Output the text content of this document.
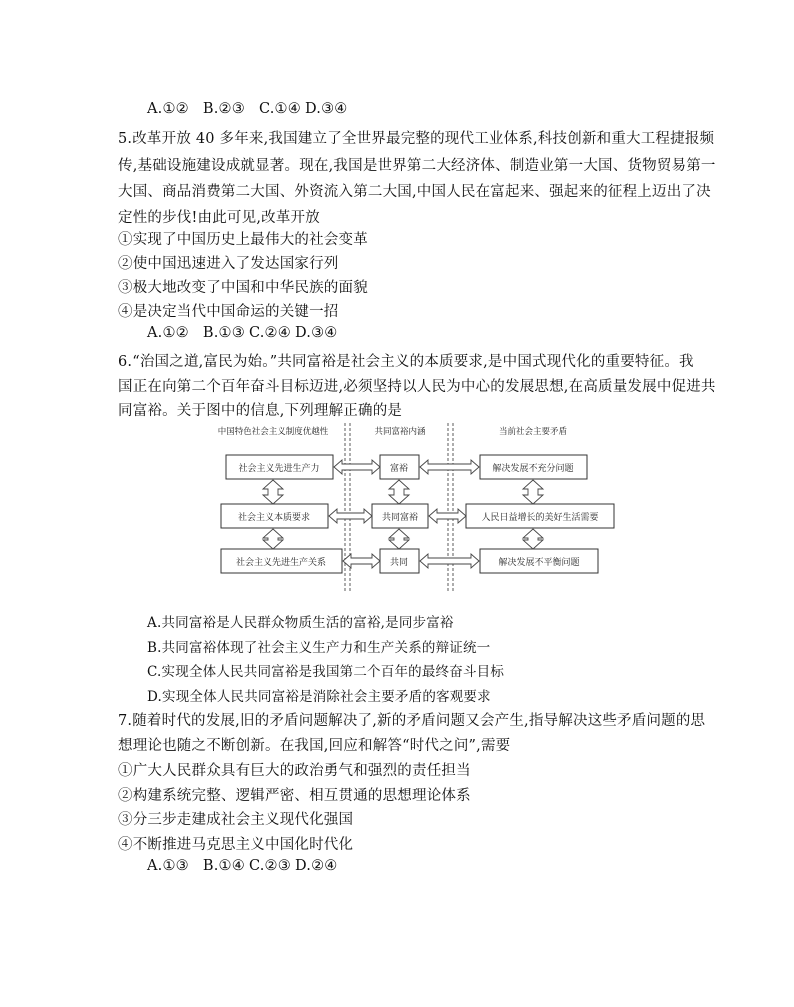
A.①② B.②③ C.①④ D.③④
5.改革开放 40 多年来,我国建立了全世界最完整的现代工业体系,科技创新和重大工程捷报频
传,基础设施建设成就显著。现在,我国是世界第二大经济体、制造业第一大国、货物贸易第一
大国、商品消费第二大国、外资流入第二大国,中国人民在富起来、强起来的征程上迈出了决
定性的步伐!由此可见,改革开放
①实现了中国历史上最伟大的社会变革
②使中国迅速进入了发达国家行列
③极大地改变了中国和中华民族的面貌
④是决定当代中国命运的关键一招
A.①② B.①③ C.②④ D.③④
6.“治国之道,富民为始。”共同富裕是社会主义的本质要求,是中国式现代化的重要特征。我
国正在向第二个百年奋斗目标迈进,必须坚持以人民为中心的发展思想,在高质量发展中促进共
同富裕。关于图中的信息,下列理解正确的是
中国特色社会主义制度优越性	共同富裕内涵	当前社会主要矛盾
社会主义先进生产力
社会主义本质要求
社会主义先进生产关系
富裕
共同富裕
共同
解决发展不充分问题
人民日益增长的美好生活需要
解决发展不平衡问题
A.共同富裕是人民群众物质生活的富裕,是同步富裕
B.共同富裕体现了社会主义生产力和生产关系的辩证统一
C.实现全体人民共同富裕是我国第二个百年的最终奋斗目标
D.实现全体人民共同富裕是消除社会主要矛盾的客观要求
7.随着时代的发展,旧的矛盾问题解决了,新的矛盾问题又会产生,指导解决这些矛盾问题的思
想理论也随之不断创新。在我国,回应和解答“时代之问”,需要
①广大人民群众具有巨大的政治勇气和强烈的责任担当
②构建系统完整、逻辑严密、相互贯通的思想理论体系
③分三步走建成社会主义现代化强国
④不断推进马克思主义中国化时代化
A.①③ B.①④ C.②③ D.②④
